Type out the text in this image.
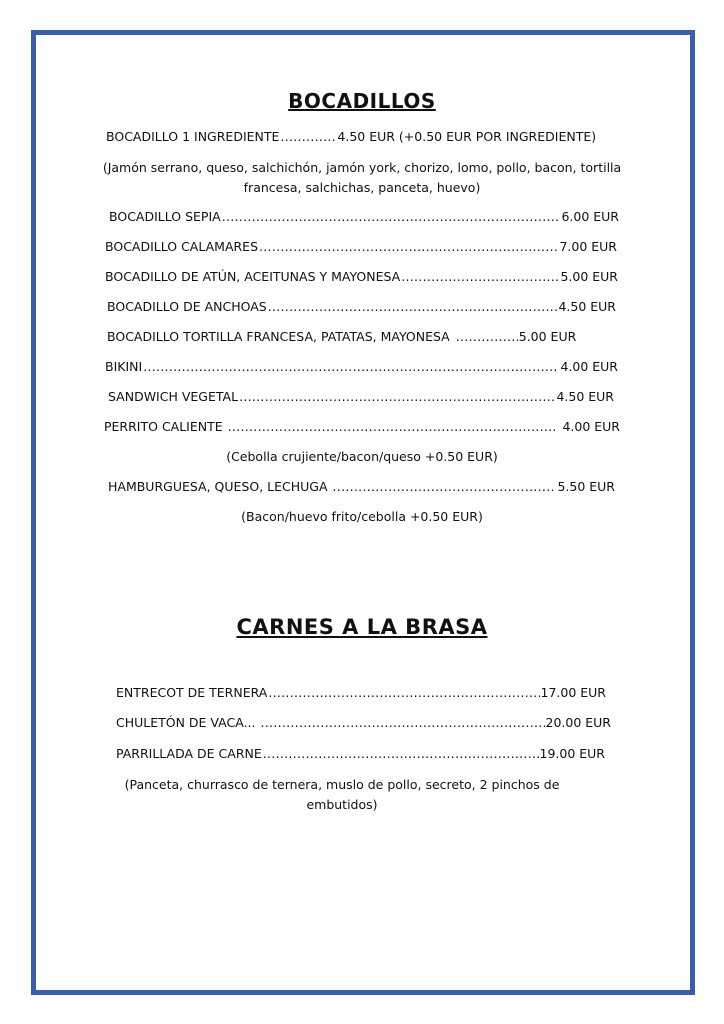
BOCADILLOS
BOCADILLO 1 INGREDIENTE .....	4.50 EUR (+0.50 EUR POR INGREDIENTE)
(Jamón serrano, queso, salchichón, jamón york, chorizo, lomo, pollo, bacon, tortilla francesa, salchichas, panceta, huevo)
BOCADILLO SEPIA .....	6.00 EUR
BOCADILLO CALAMARES .....	7.00 EUR
BOCADILLO DE ATÚN, ACEITUNAS Y MAYONESA .....	5.00 EUR
BOCADILLO DE ANCHOAS .....	4.50 EUR
BOCADILLO TORTILLA FRANCESA, PATATAS, MAYONESA .....	5.00 EUR
BIKINI .....	4.00 EUR
SANDWICH VEGETAL .....	4.50 EUR
PERRITO CALIENTE .....	4.00 EUR
(Cebolla crujiente/bacon/queso +0.50 EUR)
HAMBURGUESA, QUESO, LECHUGA .....	5.50 EUR
(Bacon/huevo frito/cebolla +0.50 EUR)
CARNES A LA BRASA
ENTRECOT DE TERNERA .....	17.00 EUR
CHULETÓN DE VACA... .....	20.00 EUR
PARRILLADA DE CARNE .....	19.00 EUR
(Panceta, churrasco de ternera, muslo de pollo, secreto, 2 pinchos de embutidos)
